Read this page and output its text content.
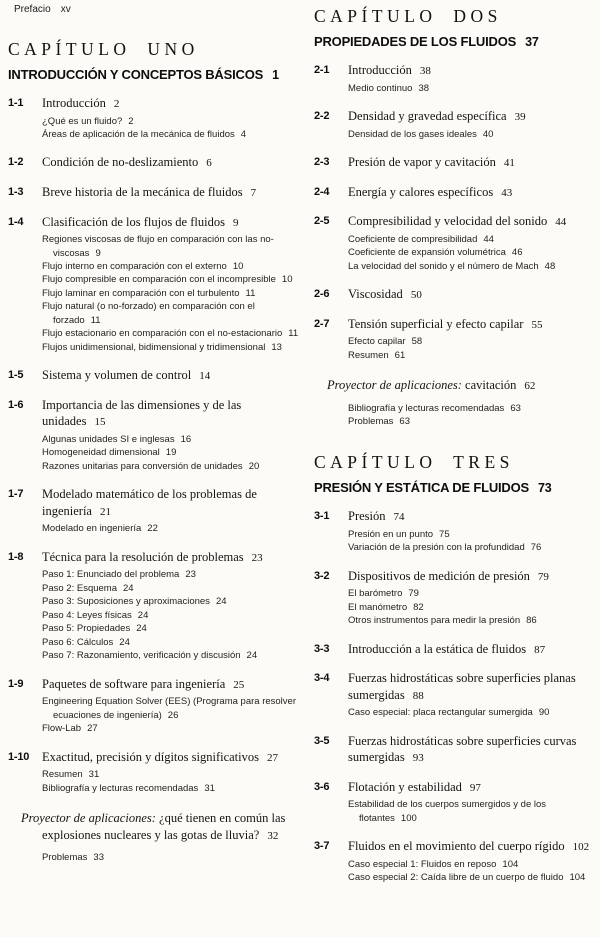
Prefacio xv
CAPÍTULO UNO
INTRODUCCIÓN Y CONCEPTOS BÁSICOS 1
1-1 Introducción 2
¿Qué es un fluido? 2
Áreas de aplicación de la mecánica de fluidos 4
1-2 Condición de no-deslizamiento 6
1-3 Breve historia de la mecánica de fluidos 7
1-4 Clasificación de los flujos de fluidos 9
Regiones viscosas de flujo en comparación con las no-viscosas 9
Flujo interno en comparación con el externo 10
Flujo compresible en comparación con el incompresible 10
Flujo laminar en comparación con el turbulento 11
Flujo natural (o no-forzado) en comparación con el forzado 11
Flujo estacionario en comparación con el no-estacionario 11
Flujos unidimensional, bidimensional y tridimensional 13
1-5 Sistema y volumen de control 14
1-6 Importancia de las dimensiones y de las unidades 15
Algunas unidades SI e inglesas 16
Homogeneidad dimensional 19
Razones unitarias para conversión de unidades 20
1-7 Modelado matemático de los problemas de ingeniería 21
Modelado en ingeniería 22
1-8 Técnica para la resolución de problemas 23
Paso 1: Enunciado del problema 23
Paso 2: Esquema 24
Paso 3: Suposiciones y aproximaciones 24
Paso 4: Leyes físicas 24
Paso 5: Propiedades 24
Paso 6: Cálculos 24
Paso 7: Razonamiento, verificación y discusión 24
1-9 Paquetes de software para ingeniería 25
Engineering Equation Solver (EES) (Programa para resolver ecuaciones de ingeniería) 26
Flow-Lab 27
1-10 Exactitud, precisión y dígitos significativos 27
Resumen 31
Bibliografía y lecturas recomendadas 31
Proyector de aplicaciones: ¿qué tienen en común las explosiones nucleares y las gotas de lluvia? 32
Problemas 33
CAPÍTULO DOS
PROPIEDADES DE LOS FLUIDOS 37
2-1 Introducción 38
Medio continuo 38
2-2 Densidad y gravedad específica 39
Densidad de los gases ideales 40
2-3 Presión de vapor y cavitación 41
2-4 Energía y calores específicos 43
2-5 Compresibilidad y velocidad del sonido 44
Coeficiente de compresibilidad 44
Coeficiente de expansión volumétrica 46
La velocidad del sonido y el número de Mach 48
2-6 Viscosidad 50
2-7 Tensión superficial y efecto capilar 55
Efecto capilar 58
Resumen 61
Proyector de aplicaciones: cavitación 62
Bibliografía y lecturas recomendadas 63
Problemas 63
CAPÍTULO TRES
PRESIÓN Y ESTÁTICA DE FLUIDOS 73
3-1 Presión 74
Presión en un punto 75
Variación de la presión con la profundidad 76
3-2 Dispositivos de medición de presión 79
El barómetro 79
El manómetro 82
Otros instrumentos para medir la presión 86
3-3 Introducción a la estática de fluidos 87
3-4 Fuerzas hidrostáticas sobre superficies planas sumergidas 88
Caso especial: placa rectangular sumergida 90
3-5 Fuerzas hidrostáticas sobre superficies curvas sumergidas 93
3-6 Flotación y estabilidad 97
Estabilidad de los cuerpos sumergidos y de los flotantes 100
3-7 Fluidos en el movimiento del cuerpo rígido 102
Caso especial 1: Fluidos en reposo 104
Caso especial 2: Caída libre de un cuerpo de fluido 104
